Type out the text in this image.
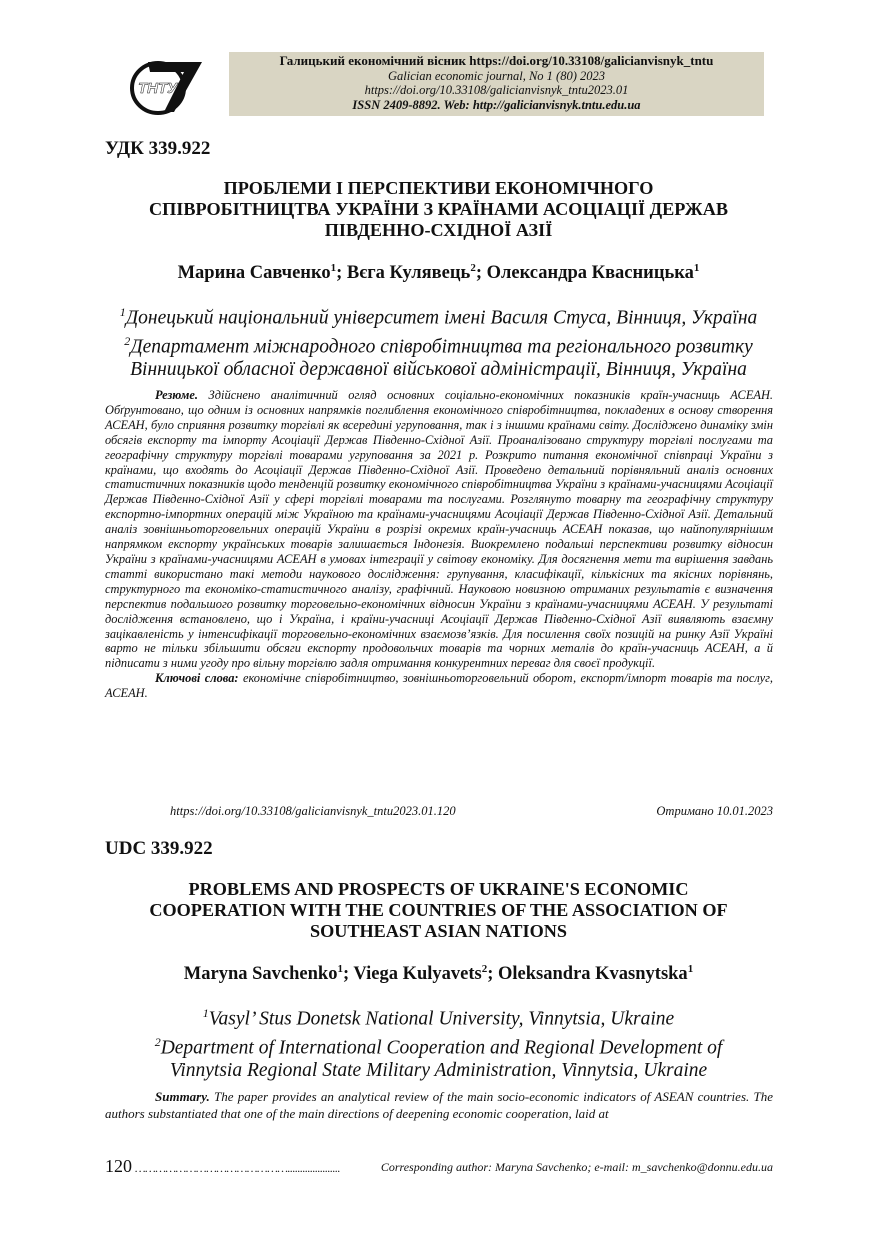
ТНТУ
Галицький економічний вісник https://doi.org/10.33108/galicianvisnyk_tntu
Galician economic journal, No 1 (80) 2023
https://doi.org/10.33108/galicianvisnyk_tntu2023.01
ISSN 2409-8892. Web: http://galicianvisnyk.tntu.edu.ua
УДК 339.922
ПРОБЛЕМИ І ПЕРСПЕКТИВИ ЕКОНОМІЧНОГО
СПІВРОБІТНИЦТВА УКРАЇНИ З КРАЇНАМИ АСОЦІАЦІЇ ДЕРЖАВ
ПІВДЕННО-СХІДНОЇ АЗІЇ
Марина Савченко$^1$; Вєга Кулявець$^2$; Олександра Квасницька$^1$
$^1$Донецький національний університет імені Василя Стуса, Вінниця, Україна
$^2$Департамент міжнародного співробітництва та регіонального розвитку
Вінницької обласної державної військової адміністрації, Вінниця, Україна

Резюме. Здійснено аналітичний огляд основних соціально-економічних показників країн-учасниць АСЕАН. Обґрунтовано, що одним із основних напрямків поглиблення економічного співробітництва, покладених в основу створення АСЕАН, було сприяння розвитку торгівлі як всередині угруповання, так і з іншими країнами світу. Досліджено динаміку змін обсягів експорту та імпорту Асоціації Держав Південно-Східної Азії. Проаналізовано структуру торгівлі послугами та географічну структуру торгівлі товарами угруповання за 2021 р. Розкрито питання економічної співпраці України з країнами, що входять до Асоціації Держав Південно-Східної Азії. Проведено детальний порівняльний аналіз основних статистичних показників щодо тенденцій розвитку економічного співробітництва України з країнами-учасницями Асоціації Держав Південно-Східної Азії у сфері торгівлі товарами та послугами. Розглянуто товарну та географічну структуру експортно-імпортних операцій між Україною та країнами-учасницями Асоціації Держав Південно-Східної Азії. Детальний аналіз зовнішньоторговельних операцій України в розрізі окремих країн-учасниць АСЕАН показав, що найпопулярнішим напрямком експорту українських товарів залишається Індонезія. Виокремлено подальші перспективи розвитку відносин України з країнами-учасницями АСЕАН в умовах інтеграції у світову економіку. Для досягнення мети та вирішення завдань статті використано такі методи наукового дослідження: групування, класифікації, кількісних та якісних порівнянь, структурного та економіко-статистичного аналізу, графічний. Науковою новизною отриманих результатів є визначення перспектив подальшого розвитку торговельно-економічних відносин України з країнами-учасницями АСЕАН. У результаті дослідження встановлено, що і Україна, і країни-учасниці Асоціації Держав Південно-Східної Азії виявляють взаємну зацікавленість у інтенсифікації торговельно-економічних взаємозв’язків. Для посилення своїх позицій на ринку Азії Україні варто не тільки збільшити обсяги експорту продовольчих товарів та чорних металів до країн-учасниць АСЕАН, а й підписати з ними угоду про вільну торгівлю задля отримання конкурентних переваг для своєї продукції.

Ключові слова: економічне співробітництво, зовнішньоторговельний оборот, експорт/імпорт товарів та послуг, АСЕАН.

https://doi.org/10.33108/galicianvisnyk_tntu2023.01.120	Отримано 10.01.2023
UDC 339.922
PROBLEMS AND PROSPECTS OF UKRAINE'S ECONOMIC
COOPERATION WITH THE COUNTRIES OF THE ASSOCIATION OF
SOUTHEAST ASIAN NATIONS
Maryna Savchenko$^1$; Viega Kulyavets$^2$; Oleksandra Kvasnytska$^1$
$^1$Vasyl’ Stus Donetsk National University, Vinnytsia, Ukraine
$^2$Department of International Cooperation and Regional Development of
Vinnytsia Regional State Military Administration, Vinnytsia, Ukraine

Summary. The paper provides an analytical review of the main socio-economic indicators of ASEAN countries. The authors substantiated that one of the main directions of deepening economic cooperation, laid at

120 ……………………………………….....................	Corresponding author: Maryna Savchenko; e-mail: m_savchenko@donnu.edu.ua
